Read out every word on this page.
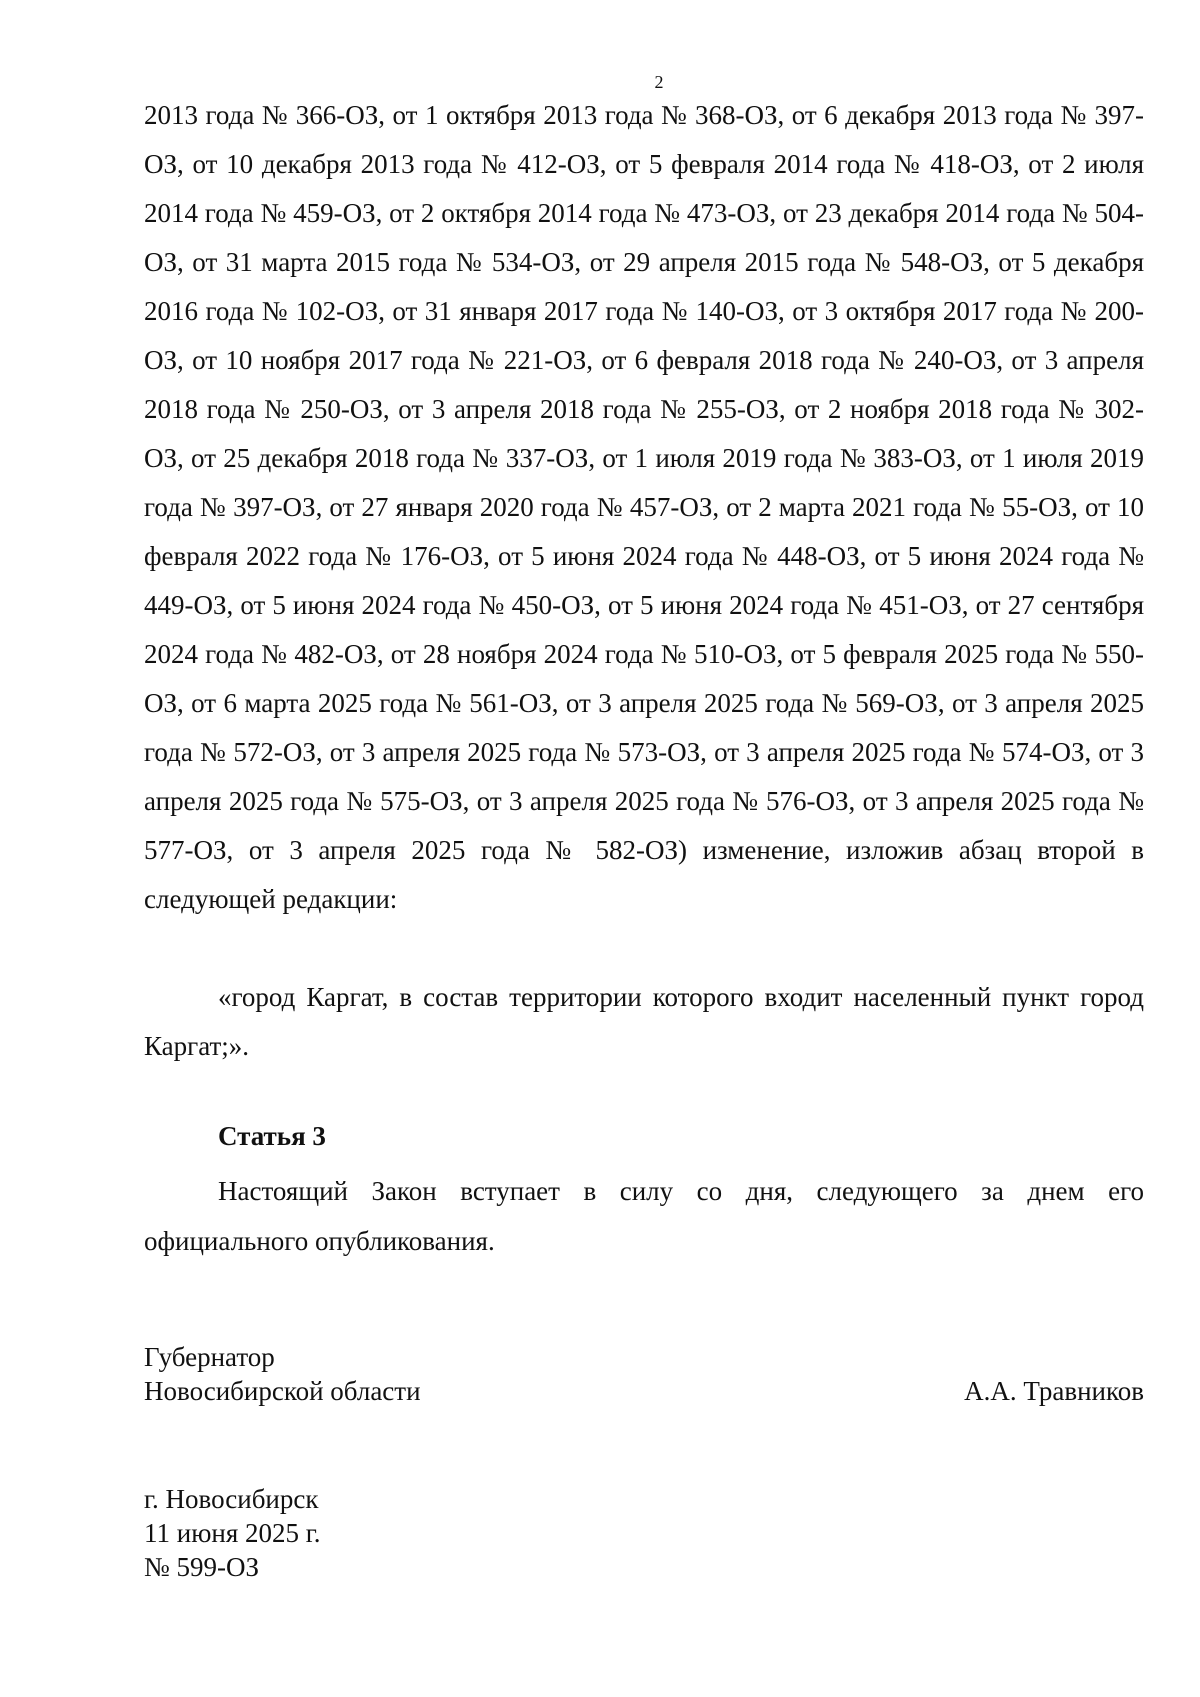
2

2013 года № 366-ОЗ, от 1 октября 2013 года № 368-ОЗ, от 6 декабря 2013 года № 397-ОЗ, от 10 декабря 2013 года № 412-ОЗ, от 5 февраля 2014 года № 418-ОЗ, от 2 июля 2014 года № 459-ОЗ, от 2 октября 2014 года № 473-ОЗ, от 23 декабря 2014 года № 504-ОЗ, от 31 марта 2015 года № 534-ОЗ, от 29 апреля 2015 года № 548-ОЗ, от 5 декабря 2016 года № 102-ОЗ, от 31 января 2017 года № 140-ОЗ, от 3 октября 2017 года № 200-ОЗ, от 10 ноября 2017 года № 221-ОЗ, от 6 февраля 2018 года № 240-ОЗ, от 3 апреля 2018 года № 250-ОЗ, от 3 апреля 2018 года № 255-ОЗ, от 2 ноября 2018 года № 302-ОЗ, от 25 декабря 2018 года № 337-ОЗ, от 1 июля 2019 года № 383-ОЗ, от 1 июля 2019 года № 397-ОЗ, от 27 января 2020 года № 457-ОЗ, от 2 марта 2021 года № 55-ОЗ, от 10 февраля 2022 года № 176-ОЗ, от 5 июня 2024 года № 448-ОЗ, от 5 июня 2024 года № 449-ОЗ, от 5 июня 2024 года № 450-ОЗ, от 5 июня 2024 года № 451-ОЗ, от 27 сентября 2024 года № 482-ОЗ, от 28 ноября 2024 года № 510-ОЗ, от 5 февраля 2025 года № 550-ОЗ, от 6 марта 2025 года № 561-ОЗ, от 3 апреля 2025 года № 569-ОЗ, от 3 апреля 2025 года № 572-ОЗ, от 3 апреля 2025 года № 573-ОЗ, от 3 апреля 2025 года № 574-ОЗ, от 3 апреля 2025 года № 575-ОЗ, от 3 апреля 2025 года № 576-ОЗ, от 3 апреля 2025 года № 577-ОЗ, от 3 апреля 2025 года № 582-ОЗ) изменение, изложив абзац второй в следующей редакции:

«город Каргат, в состав территории которого входит населенный пункт город Каргат;».

Статья 3

Настоящий Закон вступает в силу со дня, следующего за днем его официального опубликования.

Губернатор
Новосибирской области	А.А. Травников
г. Новосибирск
11 июня 2025 г.
№ 599-ОЗ
